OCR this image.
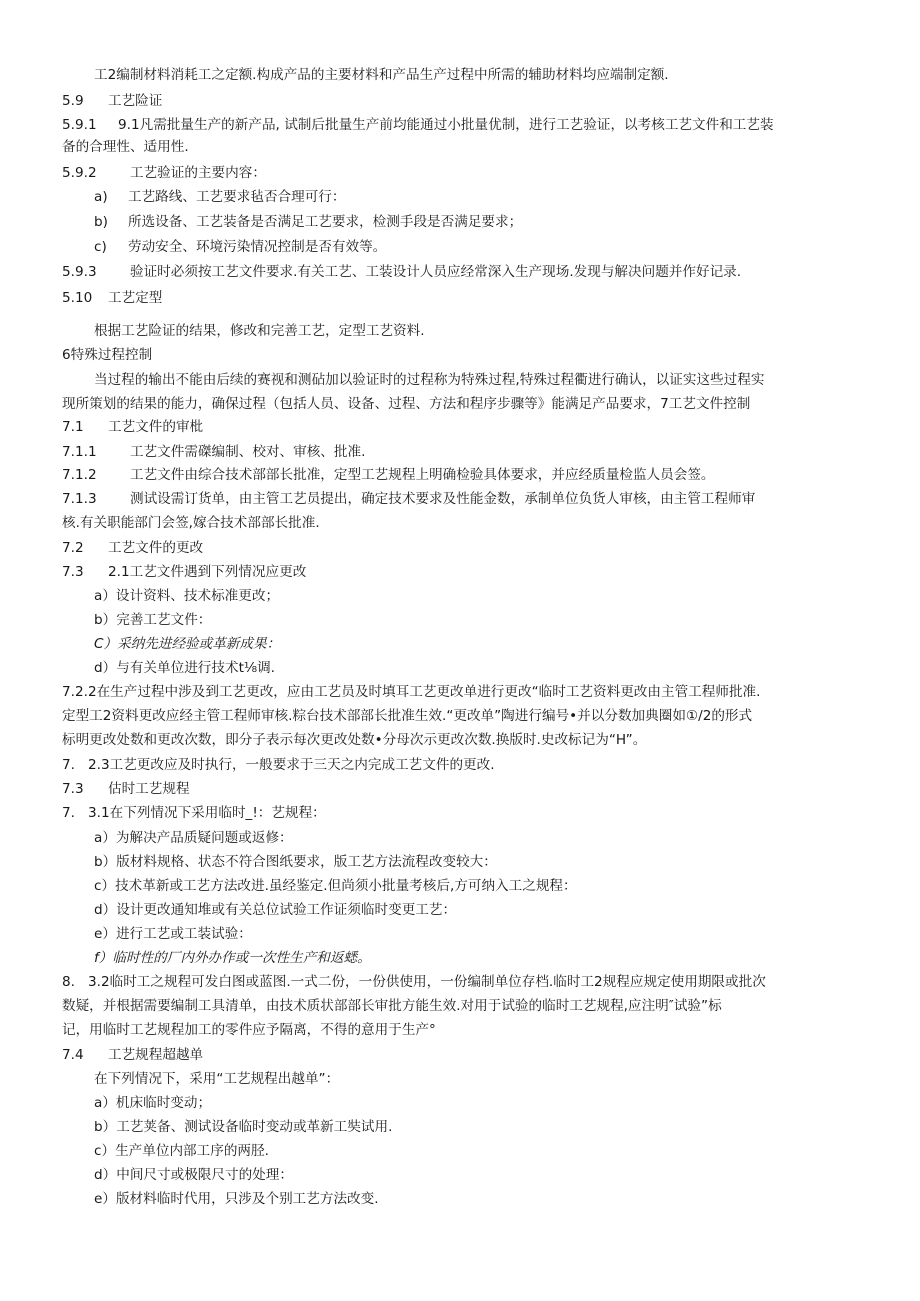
工2编制材料消耗工之定额.构成产品的主要材料和产品生产过程中所需的辅助材料均应端制定额.
5.9 工艺险证
5.9.1 9.1凡需批量生产的新产品, 试制后批量生产前均能通过小批量优制，进行工艺验证，以考核工艺文件和工艺装
备的合理性、适用性.
5.9.2 工艺验证的主要内容：
a) 工艺路线、工艺要求毡否合理可行：
b) 所选设备、工艺装备是否满足工艺要求，检测手段是否满足要求；
c) 劳动安全、环境污染情况控制是否有效等。
5.9.3 验证时必须按工艺文件要求.有关工艺、工装设计人员应经常深入生产现场.发现与解决问题并作好记录.
5.10 工艺定型
根据工艺险证的结果，修改和完善工艺，定型工艺资料.
6特殊过程控制
当过程的输出不能由后续的赛视和测砧加以验证时的过程称为特殊过程,特殊过程衢进行确认，以证实这些过程实
现所策划的结果的能力，确保过程（包括人员、设备、过程、方法和程序步骤等》能满足产品要求，7工艺文件控制
7.1 工艺文件的审枇
7.1.1 工艺文件需磔编制、校对、审核、批准.
7.1.2 工艺文件由综合技术部部长批准，定型工艺规程上明确检验具体要求，并应经质量检监人员会签。
7.1.3 测试设需订货单，由主管工艺员提出，确定技术要求及性能金数，承制单位负货人审核，由主管工程师审
核.有关职能部门会签,嫁合技术部部长批准.
7.2 工艺文件的更改
7.3 2.1工艺文件遇到下列情况应更改
a）设计资料、技术标准更改；
b）完善工艺文件：
C）采纳先进经验或革新成果：
d）与有关单位进行技术t⅛调.
7.2.2在生产过程中涉及到工艺更改，应由工艺员及时填耳工艺更改单进行更改“临时工艺资料更改由主管工程师批准.
定型工2资料更改应经主管工程师审核.粽台技术部部长批准生效.“更改单”陶进行编号•并以分数加典圈如①/2的形式
标明更改处数和更改次数，即分子表示每次更改处数•分母次示更改次数.换版时.史改标记为“H”。
7. 2.3工艺更改应及时执行，一般要求于三天之内完成工艺文件的更改.
7.3 估时工艺规程
7. 3.1在下列情况下采用临时_!：艺规程：
a）为解决产品质疑问题或返修：
b）版材料规格、状态不符合图纸要求，版工艺方法流程改变较大：
c）技术革新或工艺方法改进.虽经鉴定.但尚须小批量考核后,方可纳入工之规程：
d）设计更改通知堆或有关总位试验工作证须临时变更工艺：
e）进行工艺或工装试验：
f）临时性的厂内外办作或一次性生产和返蟋。
8. 3.2临时工之规程可发白图或蓝图.一式二份，一份供使用，一份编制单位存档.临时工2规程应规定使用期限或批次
数疑，并根据需要编制工具清单，由技术质状部部长审批方能生效.对用于试验的临时工艺规程,应注明″试验”标
记，用临时工艺规程加工的零件应予隔离，不得的意用于生产°
7.4 工艺规程超越单
在下列情况下，采用“工艺规程出越单”：
a）机床临时变动；
b）工艺荚备、测试设备临时变动或革新工奘试用.
c）生产单位内部工序的两胫.
d）中间尺寸或极限尺寸的处理：
e）版材料临时代用，只涉及个别工艺方法改变.
